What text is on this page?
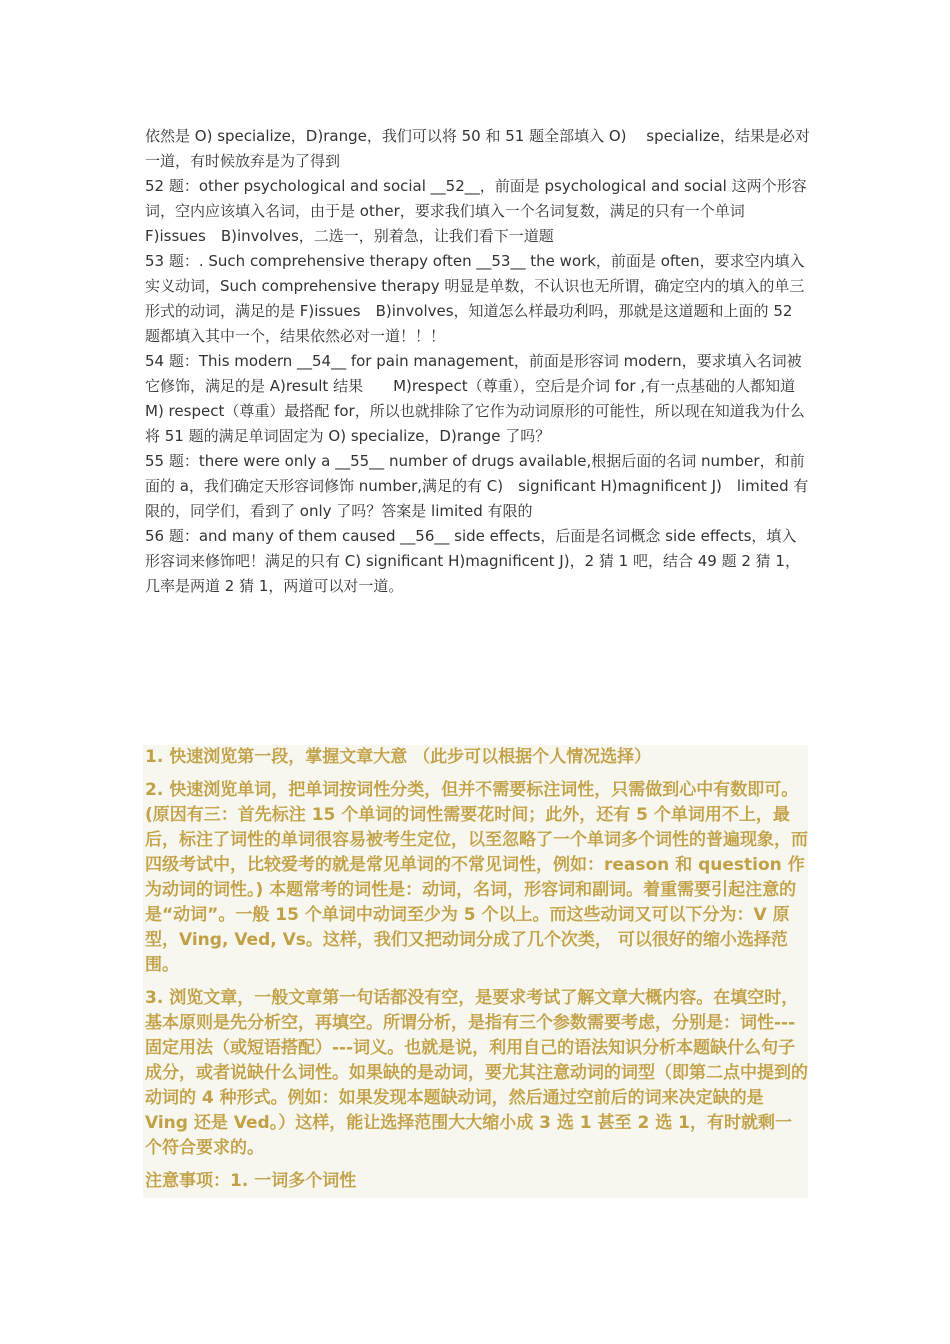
依然是 O) specialize，D)range，我们可以将 50 和 51 题全部填入 O)　 specialize，结果是必对一道，有时候放弃是为了得到

52 题：other psychological and social __52__，前面是 psychological and social 这两个形容词，空内应该填入名词，由于是 other，要求我们填入一个名词复数，满足的只有一个单词 F)issues　B)involves，二选一，别着急，让我们看下一道题

53 题：. Such comprehensive therapy often __53__ the work，前面是 often，要求空内填入实义动词，Such comprehensive therapy 明显是单数，不认识也无所谓，确定空内的填入的单三形式的动词，满足的是 F)issues　B)involves，知道怎么样最功利吗，那就是这道题和上面的 52 题都填入其中一个，结果依然必对一道！！！

54 题：This modern __54__ for pain management，前面是形容词 modern，要求填入名词被它修饰，满足的是 A)result 结果　　M)respect（尊重），空后是介词 for ,有一点基础的人都知道 M) respect（尊重）最搭配 for，所以也就排除了它作为动词原形的可能性，所以现在知道我为什么将 51 题的满足单词固定为 O) specialize，D)range 了吗？

55 题：there were only a __55__ number of drugs available,根据后面的名词 number，和前面的 a，我们确定天形容词修饰 number,满足的有 C)　significant H)magnificent J)　limited 有限的，同学们，看到了 only 了吗？答案是 limited 有限的

56 题：and many of them caused __56__ side effects，后面是名词概念 side effects，填入形容词来修饰吧！满足的只有 C) significant H)magnificent J)，2 猜 1 吧，结合 49 题 2 猜 1，几率是两道 2 猜 1，两道可以对一道。

1. 快速浏览第一段，掌握文章大意 （此步可以根据个人情况选择）

2. 快速浏览单词，把单词按词性分类，但并不需要标注词性，只需做到心中有数即可。(原因有三：首先标注 15 个单词的词性需要花时间；此外，还有 5 个单词用不上，最后，标注了词性的单词很容易被考生定位，以至忽略了一个单词多个词性的普遍现象，而四级考试中，比较爱考的就是常见单词的不常见词性，例如：reason 和 question 作为动词的词性。) 本题常考的词性是：动词，名词，形容词和副词。着重需要引起注意的是“动词”。一般 15 个单词中动词至少为 5 个以上。而这些动词又可以下分为：V 原型，Ving, Ved, Vs。这样，我们又把动词分成了几个次类， 可以很好的缩小选择范围。

3. 浏览文章，一般文章第一句话都没有空，是要求考试了解文章大概内容。在填空时，基本原则是先分析空，再填空。所谓分析，是指有三个参数需要考虑，分别是：词性---固定用法（或短语搭配）---词义。也就是说，利用自己的语法知识分析本题缺什么句子成分，或者说缺什么词性。如果缺的是动词，要尤其注意动词的词型（即第二点中提到的动词的 4 种形式。例如：如果发现本题缺动词，然后通过空前后的词来决定缺的是 Ving 还是 Ved。）这样，能让选择范围大大缩小成 3 选 1 甚至 2 选 1，有时就剩一个符合要求的。

注意事项：1. 一词多个词性
